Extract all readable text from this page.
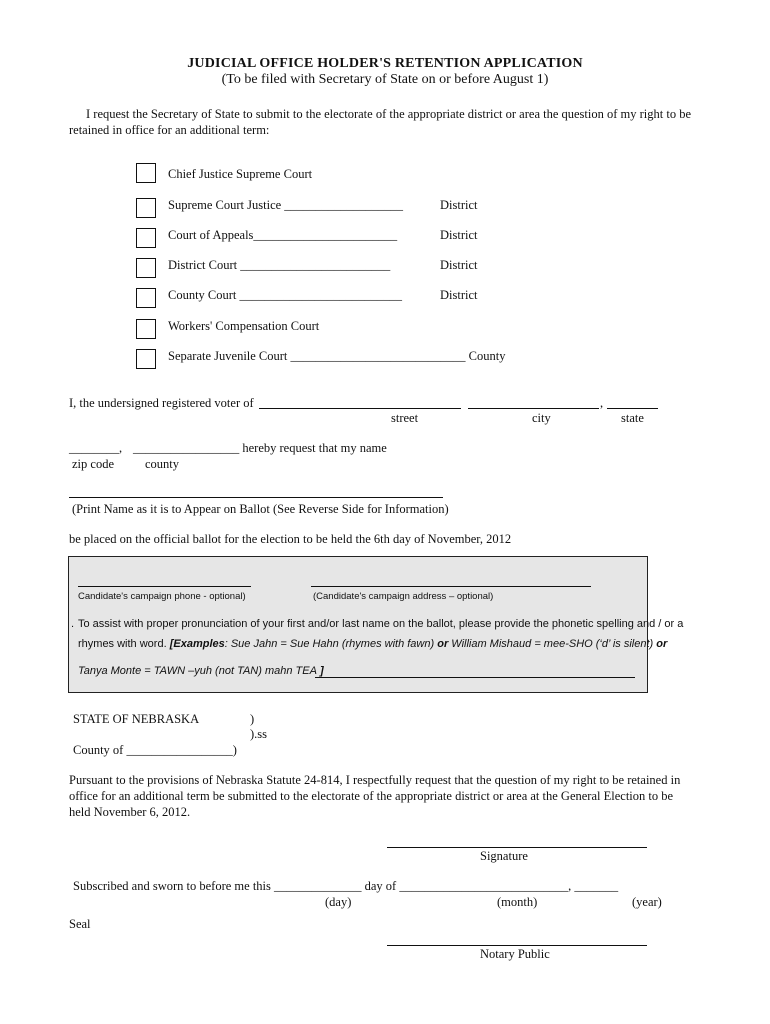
JUDICIAL OFFICE HOLDER'S RETENTION APPLICATION
(To be filed with Secretary of State on or before August 1)
I request the Secretary of State to submit to the electorate of the appropriate district or area the question of my right to be
retained in office for an additional term:
Chief Justice Supreme Court
Supreme Court Justice ___________________	District
Court of Appeals_______________________	District
District Court ________________________	District
County Court __________________________	District
Workers' Compensation Court
Separate Juvenile Court ____________________________ County
I, the undersigned registered voter of	,
street	city	state
________, _________________ hereby request that my name
zip code county
(Print Name as it is to Appear on Ballot (See Reverse Side for Information)
be placed on the official ballot for the election to be held the 6th day of November, 2012
Candidate's campaign phone - optional)	(Candidate's campaign address – optional)
. To assist with proper pronunciation of your first and/or last name on the ballot, please provide the phonetic spelling and / or a
rhymes with word. [Examples: Sue Jahn = Sue Hahn (rhymes with fawn) or William Mishaud = mee-SHO (‘d’ is silent) or
Tanya Monte = TAWN –yuh (not TAN) mahn TEA ]
STATE OF NEBRASKA	)
).ss
County of _________________)
Pursuant to the provisions of Nebraska Statute 24-814, I respectfully request that the question of my right to be retained in
office for an additional term be submitted to the electorate of the appropriate district or area at the General Election to be
held November 6, 2012.
Signature
Subscribed and sworn to before me this ______________ day of ___________________________, _______
(day)	(month)	(year)
Seal
Notary Public
